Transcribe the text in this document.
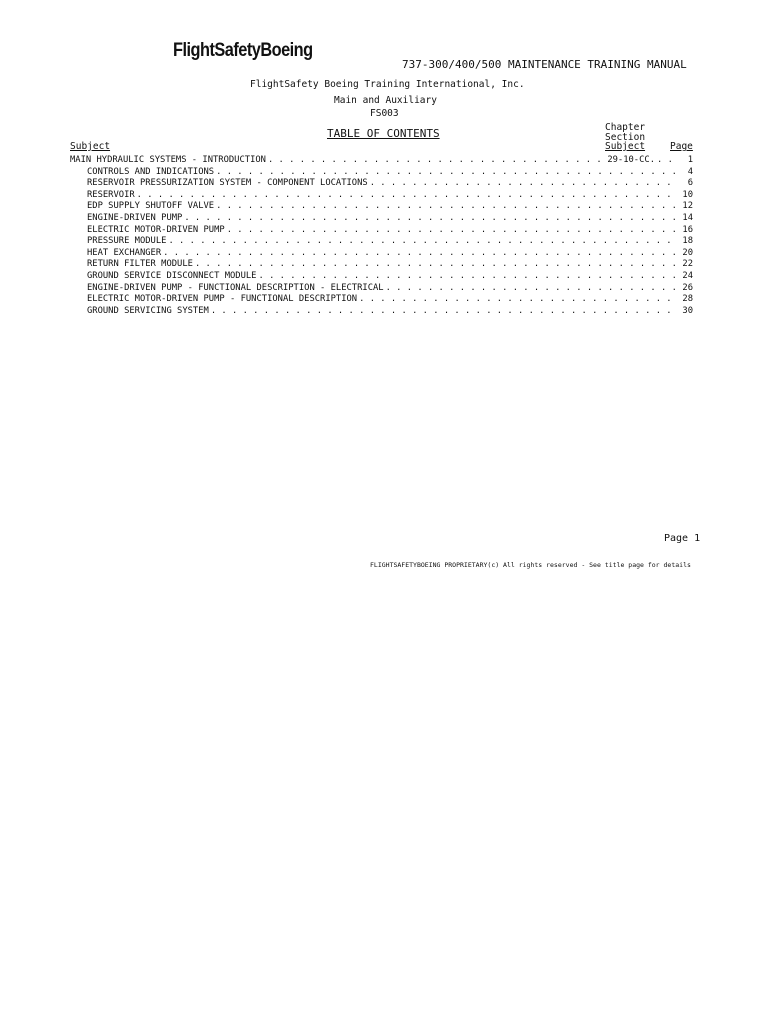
FlightSafetyBoeing
737-300/400/500 MAINTENANCE TRAINING MANUAL
FlightSafety Boeing Training International, Inc.
Main and Auxiliary
FS003
TABLE OF CONTENTS	Chapter
Section
Subject	Page
Subject
MAIN HYDRAULIC SYSTEMS - INTRODUCTION . . .	29-10-CC. . . .	1
CONTROLS AND INDICATIONS . . .	4
RESERVOIR PRESSURIZATION SYSTEM - COMPONENT LOCATIONS . . .	6
RESERVOIR . . .	10
EDP SUPPLY SHUTOFF VALVE . . .	12
ENGINE-DRIVEN PUMP . . .	14
ELECTRIC MOTOR-DRIVEN PUMP . . .	16
PRESSURE MODULE . . .	18
HEAT EXCHANGER . . .	20
RETURN FILTER MODULE . . .	22
GROUND SERVICE DISCONNECT MODULE . . .	24
ENGINE-DRIVEN PUMP - FUNCTIONAL DESCRIPTION - ELECTRICAL . . .	26
ELECTRIC MOTOR-DRIVEN PUMP - FUNCTIONAL DESCRIPTION . . .	28
GROUND SERVICING SYSTEM . . .	30
Page 1
FLIGHTSAFETYBOEING PROPRIETARY(c) All rights reserved - See title page for details
